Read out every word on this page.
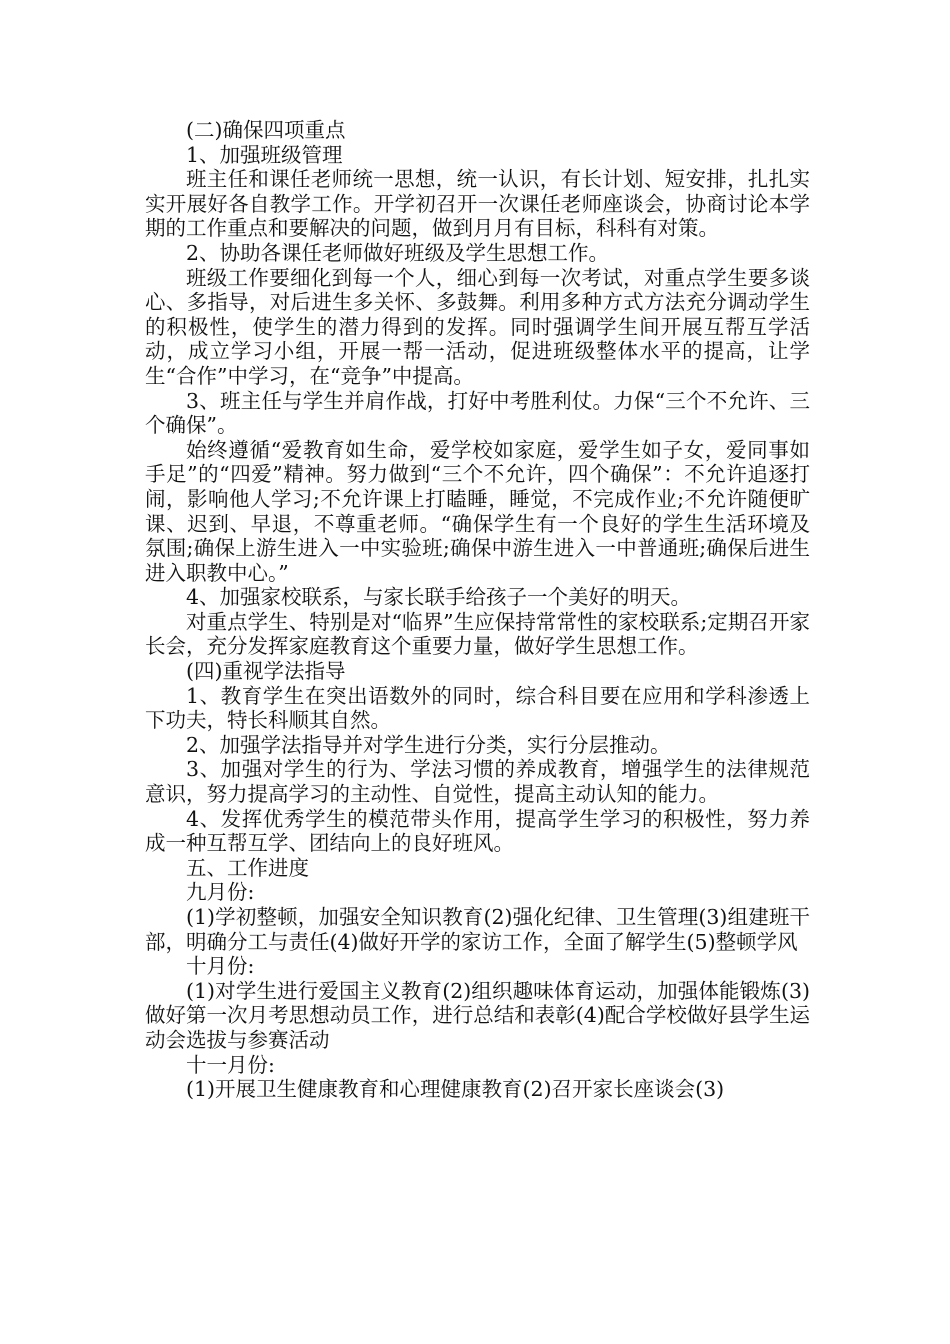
(二)确保四项重点

1、加强班级管理

班主任和课任老师统一思想，统一认识，有长计划、短安排，扎扎实实开展好各自教学工作。开学初召开一次课任老师座谈会，协商讨论本学期的工作重点和要解决的问题，做到月月有目标，科科有对策。

2、协助各课任老师做好班级及学生思想工作。

班级工作要细化到每一个人，细心到每一次考试，对重点学生要多谈心、多指导，对后进生多关怀、多鼓舞。利用多种方式方法充分调动学生的积极性，使学生的潜力得到的发挥。同时强调学生间开展互帮互学活动，成立学习小组，开展一帮一活动，促进班级整体水平的提高，让学生“合作”中学习，在“竞争”中提高。

3、班主任与学生并肩作战，打好中考胜利仗。力保“三个不允许、三个确保”。

始终遵循“爱教育如生命，爱学校如家庭，爱学生如子女，爱同事如手足”的“四爱”精神。努力做到“三个不允许，四个确保”：不允许追逐打闹，影响他人学习;不允许课上打瞌睡，睡觉，不完成作业;不允许随便旷课、迟到、早退，不尊重老师。“确保学生有一个良好的学生生活环境及氛围;确保上游生进入一中实验班;确保中游生进入一中普通班;确保后进生进入职教中心。”

4、加强家校联系，与家长联手给孩子一个美好的明天。

对重点学生、特别是对“临界”生应保持常常性的家校联系;定期召开家长会，充分发挥家庭教育这个重要力量，做好学生思想工作。

(四)重视学法指导

1、教育学生在突出语数外的同时，综合科目要在应用和学科渗透上下功夫，特长科顺其自然。

2、加强学法指导并对学生进行分类，实行分层推动。

3、加强对学生的行为、学法习惯的养成教育，增强学生的法律规范意识，努力提高学习的主动性、自觉性，提高主动认知的能力。

4、发挥优秀学生的模范带头作用，提高学生学习的积极性，努力养成一种互帮互学、团结向上的良好班风。

五、工作进度

九月份:

(1)学初整顿，加强安全知识教育(2)强化纪律、卫生管理(3)组建班干部，明确分工与责任(4)做好开学的家访工作，全面了解学生(5)整顿学风

十月份:

(1)对学生进行爱国主义教育(2)组织趣味体育运动，加强体能锻炼(3)做好第一次月考思想动员工作，进行总结和表彰(4)配合学校做好县学生运动会选拔与参赛活动

十一月份:

(1)开展卫生健康教育和心理健康教育(2)召开家长座谈会(3)
